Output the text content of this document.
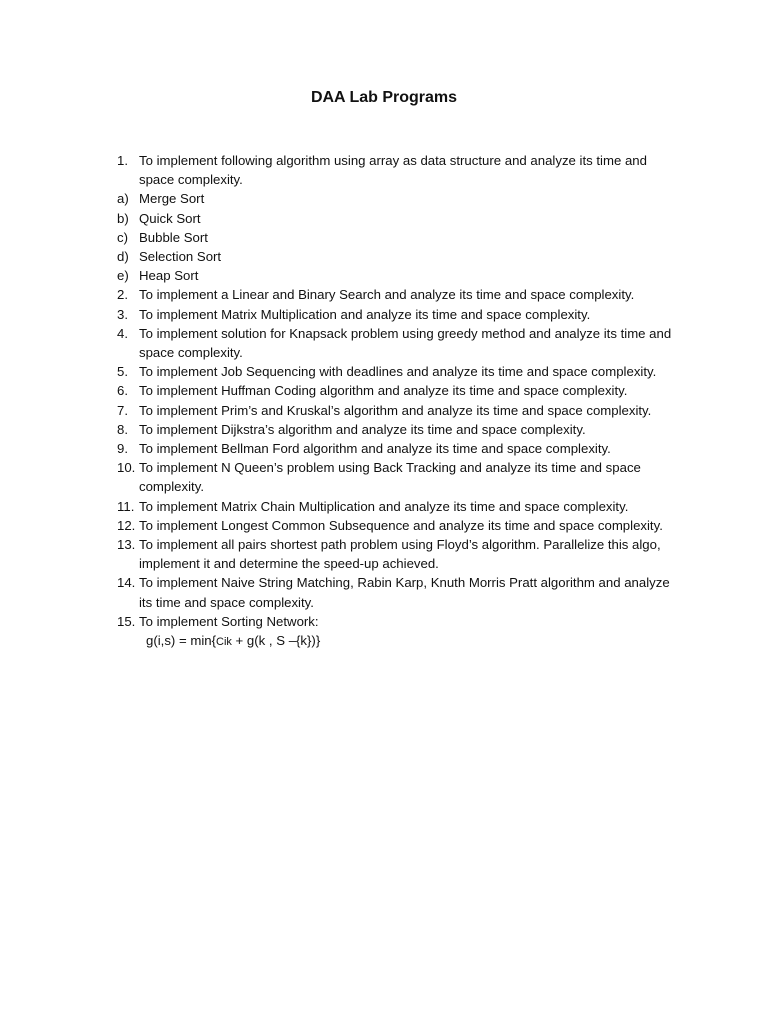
DAA Lab Programs
1. To implement following algorithm using array as data structure and analyze its time and space complexity.
a) Merge Sort
b) Quick Sort
c) Bubble Sort
d) Selection Sort
e) Heap Sort
2. To implement a Linear and Binary Search and analyze its time and space complexity.
3. To implement Matrix Multiplication and analyze its time and space complexity.
4. To implement solution for Knapsack problem using greedy method and analyze its time and space complexity.
5. To implement Job Sequencing with deadlines and analyze its time and space complexity.
6. To implement Huffman Coding algorithm and analyze its time and space complexity.
7. To implement Prim’s and Kruskal’s algorithm and analyze its time and space complexity.
8. To implement Dijkstra’s algorithm and analyze its time and space complexity.
9. To implement Bellman Ford algorithm and analyze its time and space complexity.
10. To implement N Queen’s problem using Back Tracking and analyze its time and space complexity.
11. To implement Matrix Chain Multiplication and analyze its time and space complexity.
12. To implement Longest Common Subsequence and analyze its time and space complexity.
13. To implement all pairs shortest path problem using Floyd’s algorithm. Parallelize this algo, implement it and determine the speed-up achieved.
14. To implement Naive String Matching, Rabin Karp, Knuth Morris Pratt algorithm and analyze its time and space complexity.
15. To implement Sorting Network:
g(i,s) = min{Cik + g(k , S –{k})}
